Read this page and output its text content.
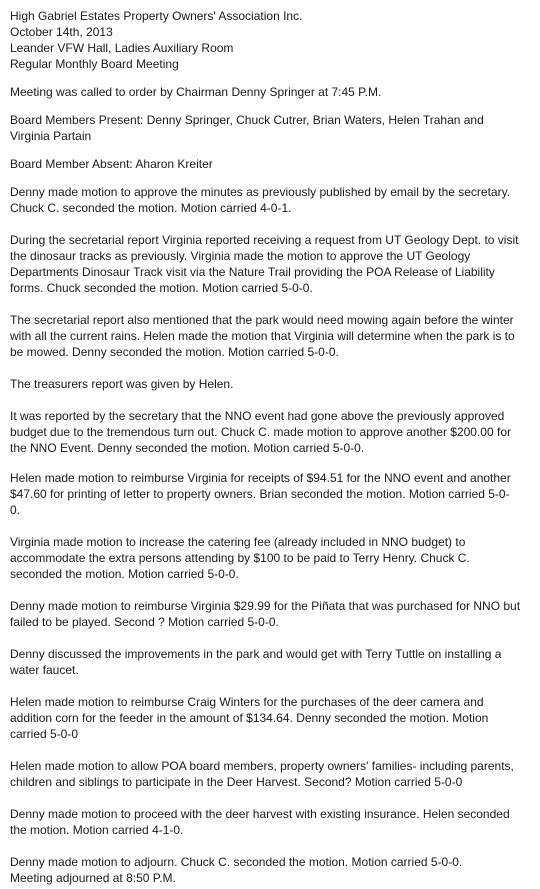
High Gabriel Estates Property Owners' Association Inc.
October 14th, 2013
Leander VFW Hall, Ladies Auxiliary Room
Regular Monthly Board Meeting
Meeting was called to order by Chairman Denny Springer at 7:45 P.M.
Board Members Present: Denny Springer, Chuck Cutrer, Brian Waters, Helen Trahan and
Virginia Partain
Board Member Absent: Aharon Kreiter
Denny made motion to approve the minutes as previously published by email by the secretary.
Chuck C. seconded the motion. Motion carried 4-0-1.
During the secretarial report Virginia reported receiving a request from UT Geology Dept. to visit
the dinosaur tracks as previously. Virginia made the motion to approve the UT Geology
Departments Dinosaur Track visit via the Nature Trail providing the POA Release of Liability
forms. Chuck seconded the motion. Motion carried 5-0-0.
The secretarial report also mentioned that the park would need mowing again before the winter
with all the current rains. Helen made the motion that Virginia will determine when the park is to
be mowed. Denny seconded the motion. Motion carried 5-0-0.
The treasurers report was given by Helen.
It was reported by the secretary that the NNO event had gone above the previously approved
budget due to the tremendous turn out. Chuck C. made motion to approve another $200.00 for
the NNO Event. Denny seconded the motion. Motion carried 5-0-0.
Helen made motion to reimburse Virginia for receipts of $94.51 for the NNO event and another
$47.60 for printing of letter to property owners. Brian seconded the motion. Motion carried 5-0-
0.
Virginia made motion to increase the catering fee (already included in NNO budget) to
accommodate the extra persons attending by $100 to be paid to Terry Henry. Chuck C.
seconded the motion. Motion carried 5-0-0.
Denny made motion to reimburse Virginia $29.99 for the Piñata that was purchased for NNO but
failed to be played. Second ? Motion carried 5-0-0.
Denny discussed the improvements in the park and would get with Terry Tuttle on installing a
water faucet.
Helen made motion to reimburse Craig Winters for the purchases of the deer camera and
addition corn for the feeder in the amount of $134.64. Denny seconded the motion. Motion
carried 5-0-0
Helen made motion to allow POA board members, property owners' families- including parents,
children and siblings to participate in the Deer Harvest. Second? Motion carried 5-0-0
Denny made motion to proceed with the deer harvest with existing insurance. Helen seconded
the motion. Motion carried 4-1-0.
Denny made motion to adjourn. Chuck C. seconded the motion. Motion carried 5-0-0.
Meeting adjourned at 8:50 P.M.
